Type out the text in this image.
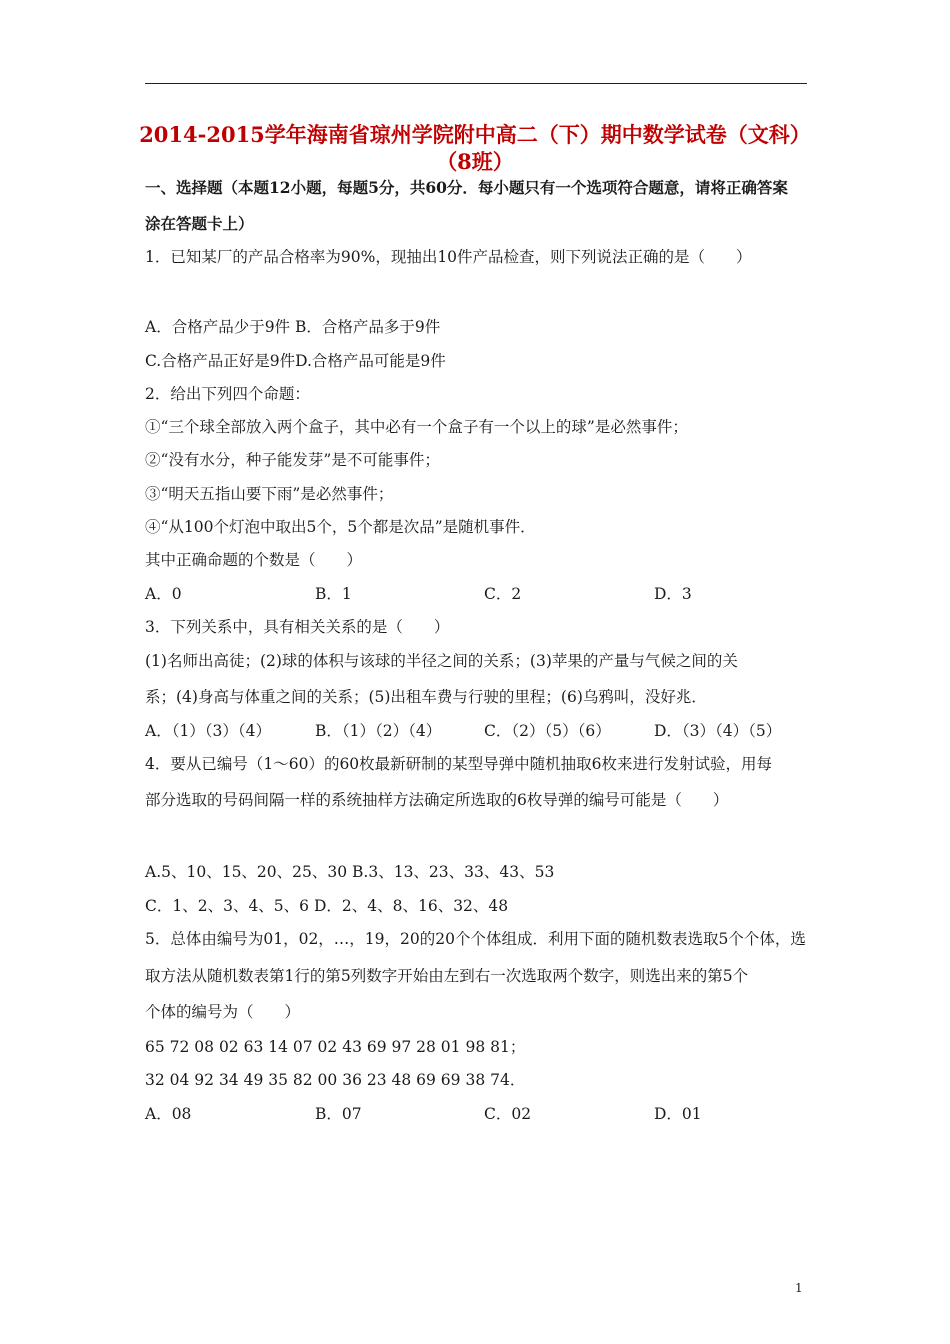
2014-2015学年海南省琼州学院附中高二（下）期中数学试卷（文科）
（8班）
一、选择题（本题12小题，每题5分，共60分．每小题只有一个选项符合题意，请将正确答案
涂在答题卡上）
1．已知某厂的产品合格率为90%，现抽出10件产品检查，则下列说法正确的是（　　）
A．合格产品少于9件 B．合格产品多于9件
C.合格产品正好是9件D.合格产品可能是9件
2．给出下列四个命题：
①“三个球全部放入两个盒子，其中必有一个盒子有一个以上的球”是必然事件；
②“没有水分，种子能发芽”是不可能事件；
③“明天五指山要下雨”是必然事件；
④“从100个灯泡中取出5个，5个都是次品”是随机事件．
其中正确命题的个数是（　　）
A．0	B．1	C．2	D．3
3．下列关系中，具有相关关系的是（　　）
(1)名师出高徒；(2)球的体积与该球的半径之间的关系；(3)苹果的产量与气候之间的关
系；(4)身高与体重之间的关系；(5)出租车费与行驶的里程；(6)乌鸦叫，没好兆．
A．（1）（3）（4）	B．（1）（2）（4）	C．（2）（5）（6）	D．（3）（4）（5）
4．要从已编号（1～60）的60枚最新研制的某型导弹中随机抽取6枚来进行发射试验，用每
部分选取的号码间隔一样的系统抽样方法确定所选取的6枚导弹的编号可能是（　　）
A.5、10、15、20、25、30 B.3、13、23、33、43、53
C．1、2、3、4、5、6 D．2、4、8、16、32、48
5．总体由编号为01，02，…，19，20的20个个体组成．利用下面的随机数表选取5个个体，选
取方法从随机数表第1行的第5列数字开始由左到右一次选取两个数字，则选出来的第5个
个体的编号为（　　）
65 72 08 02 63 14 07 02 43 69 97 28 01 98 81；
32 04 92 34 49 35 82 00 36 23 48 69 69 38 74．
A．08	B．07	C．02	D．01
1
